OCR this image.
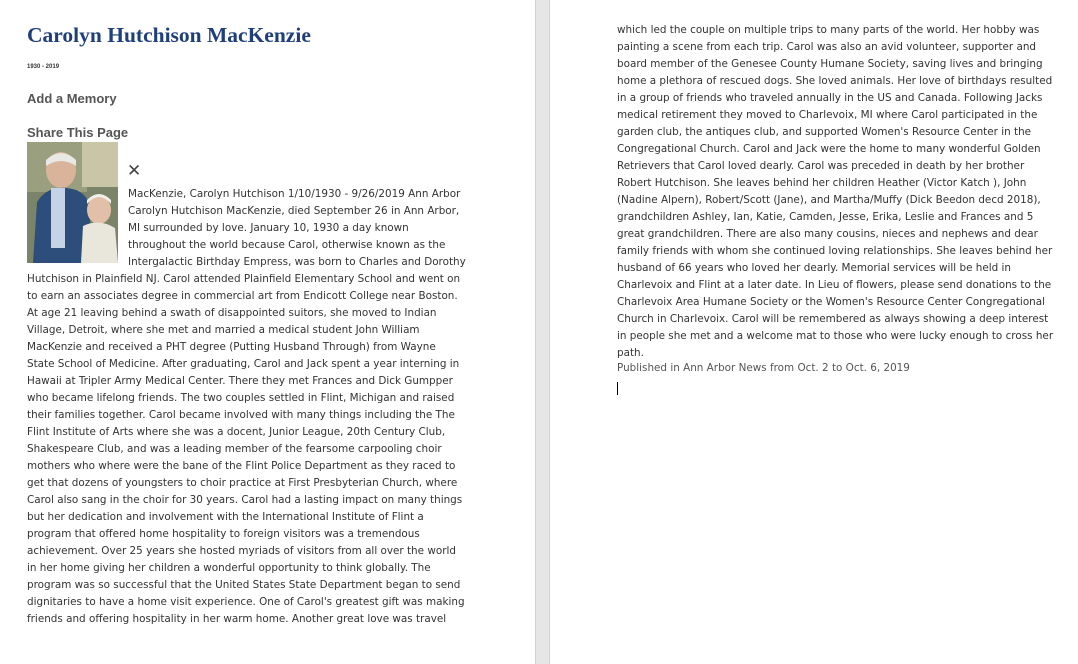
Carolyn Hutchison MacKenzie
1930 - 2019
Add a Memory
Share This Page
✕
MacKenzie, Carolyn Hutchison 1/10/1930 - 9/26/2019 Ann Arbor
Carolyn Hutchison MacKenzie, died September 26 in Ann Arbor,
MI surrounded by love. January 10, 1930 a day known
throughout the world because Carol, otherwise known as the
Intergalactic Birthday Empress, was born to Charles and Dorothy
Hutchison in Plainfield NJ. Carol attended Plainfield Elementary School and went on
to earn an associates degree in commercial art from Endicott College near Boston.
At age 21 leaving behind a swath of disappointed suitors, she moved to Indian
Village, Detroit, where she met and married a medical student John William
MacKenzie and received a PHT degree (Putting Husband Through) from Wayne
State School of Medicine. After graduating, Carol and Jack spent a year interning in
Hawaii at Tripler Army Medical Center. There they met Frances and Dick Gumpper
who became lifelong friends. The two couples settled in Flint, Michigan and raised
their families together. Carol became involved with many things including the The
Flint Institute of Arts where she was a docent, Junior League, 20th Century Club,
Shakespeare Club, and was a leading member of the fearsome carpooling choir
mothers who where were the bane of the Flint Police Department as they raced to
get that dozens of youngsters to choir practice at First Presbyterian Church, where
Carol also sang in the choir for 30 years. Carol had a lasting impact on many things
but her dedication and involvement with the International Institute of Flint a
program that offered home hospitality to foreign visitors was a tremendous
achievement. Over 25 years she hosted myriads of visitors from all over the world
in her home giving her children a wonderful opportunity to think globally. The
program was so successful that the United States State Department began to send
dignitaries to have a home visit experience. One of Carol's greatest gift was making
friends and offering hospitality in her warm home. Another great love was travel
which led the couple on multiple trips to many parts of the world. Her hobby was
painting a scene from each trip. Carol was also an avid volunteer, supporter and
board member of the Genesee County Humane Society, saving lives and bringing
home a plethora of rescued dogs. She loved animals. Her love of birthdays resulted
in a group of friends who traveled annually in the US and Canada. Following Jacks
medical retirement they moved to Charlevoix, MI where Carol participated in the
garden club, the antiques club, and supported Women's Resource Center in the
Congregational Church. Carol and Jack were the home to many wonderful Golden
Retrievers that Carol loved dearly. Carol was preceded in death by her brother
Robert Hutchison. She leaves behind her children Heather (Victor Katch ), John
(Nadine Alpern), Robert/Scott (Jane), and Martha/Muffy (Dick Beedon decd 2018),
grandchildren Ashley, Ian, Katie, Camden, Jesse, Erika, Leslie and Frances and 5
great grandchildren. There are also many cousins, nieces and nephews and dear
family friends with whom she continued loving relationships. She leaves behind her
husband of 66 years who loved her dearly. Memorial services will be held in
Charlevoix and Flint at a later date. In Lieu of flowers, please send donations to the
Charlevoix Area Humane Society or the Women's Resource Center Congregational
Church in Charlevoix. Carol will be remembered as always showing a deep interest
in people she met and a welcome mat to those who were lucky enough to cross her
path.
Published in Ann Arbor News from Oct. 2 to Oct. 6, 2019
